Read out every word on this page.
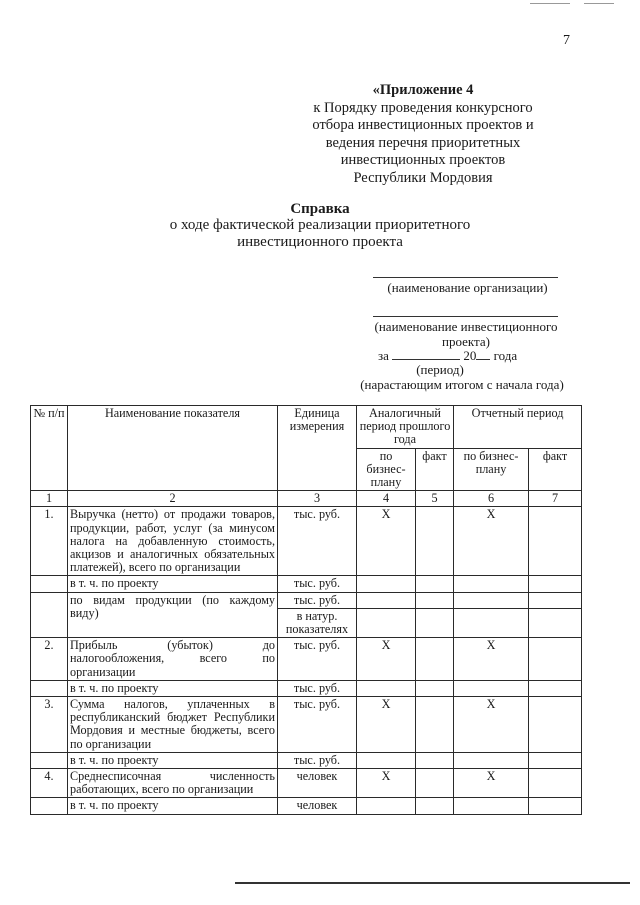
7
«Приложение 4
к Порядку проведения конкурсного
отбора инвестиционных проектов и
ведения перечня приоритетных
инвестиционных проектов
Республики Мордовия
Справка
о ходе фактической реализации приоритетного
инвестиционного проекта
(наименование организации)
(наименование инвестиционного
проекта)
за	20 года
(период)
(нарастающим итогом с начала года)
№ п/п	Наименование показателя	Единица измерения	Аналогичный период прошлого года		Отчетный период	
			по бизнес-плану	факт	по бизнес-плану	факт
1	2	3	4	5	6	7
1.	Выручка (нетто) от продажи товаров, продукции, работ, услуг (за минусом налога на добавленную стоимость, акцизов и аналогичных обязательных платежей), всего по организации	тыс. руб.	X		X	
	в т. ч. по проекту	тыс. руб.				
	по видам продукции (по каждому виду)	тыс. руб.				
		в натур. показателях				
2.	Прибыль (убыток) до налогообложения, всего по организации	тыс. руб.	X		X	
	в т. ч. по проекту	тыс. руб.				
3.	Сумма налогов, уплаченных в республиканский бюджет Республики Мордовия и местные бюджеты, всего по организации	тыс. руб.	X		X	
	в т. ч. по проекту	тыс. руб.				
4.	Среднесписочная численность работающих, всего по организации	человек	X		X	
	в т. ч. по проекту	человек				
